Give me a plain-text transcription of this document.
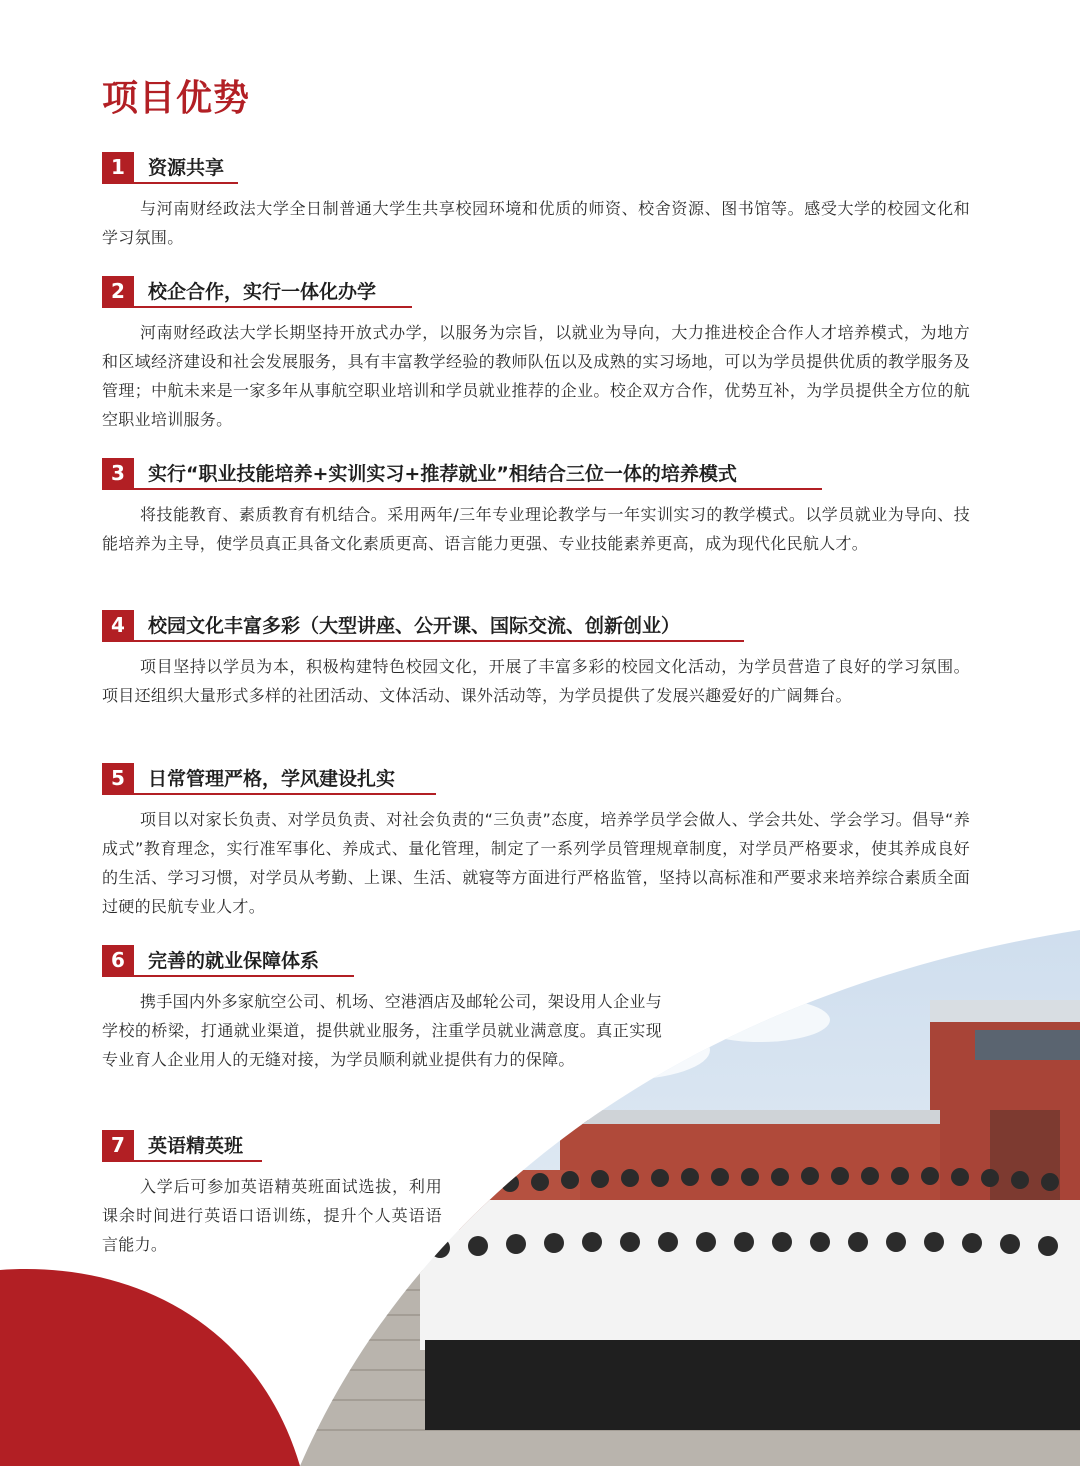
项目优势
1	资源共享
与河南财经政法大学全日制普通大学生共享校园环境和优质的师资、校舍资源、图书馆等。感受大学的校园文化和学习氛围。
2	校企合作，实行一体化办学
河南财经政法大学长期坚持开放式办学，以服务为宗旨，以就业为导向，大力推进校企合作人才培养模式，为地方和区域经济建设和社会发展服务，具有丰富教学经验的教师队伍以及成熟的实习场地，可以为学员提供优质的教学服务及管理；中航未来是一家多年从事航空职业培训和学员就业推荐的企业。校企双方合作，优势互补，为学员提供全方位的航空职业培训服务。
3	实行“职业技能培养+实训实习+推荐就业”相结合三位一体的培养模式
将技能教育、素质教育有机结合。采用两年/三年专业理论教学与一年实训实习的教学模式。以学员就业为导向、技能培养为主导，使学员真正具备文化素质更高、语言能力更强、专业技能素养更高，成为现代化民航人才。
4	校园文化丰富多彩（大型讲座、公开课、国际交流、创新创业）
项目坚持以学员为本，积极构建特色校园文化，开展了丰富多彩的校园文化活动，为学员营造了良好的学习氛围。项目还组织大量形式多样的社团活动、文体活动、课外活动等，为学员提供了发展兴趣爱好的广阔舞台。
5	日常管理严格，学风建设扎实
项目以对家长负责、对学员负责、对社会负责的“三负责”态度，培养学员学会做人、学会共处、学会学习。倡导“养成式”教育理念，实行准军事化、养成式、量化管理，制定了一系列学员管理规章制度，对学员严格要求，使其养成良好的生活、学习习惯，对学员从考勤、上课、生活、就寝等方面进行严格监管，坚持以高标准和严要求来培养综合素质全面过硬的民航专业人才。
6	完善的就业保障体系
携手国内外多家航空公司、机场、空港酒店及邮轮公司，架设用人企业与学校的桥梁，打通就业渠道，提供就业服务，注重学员就业满意度。真正实现专业育人企业用人的无缝对接，为学员顺利就业提供有力的保障。
7	英语精英班
入学后可参加英语精英班面试选拔，利用课余时间进行英语口语训练，提升个人英语语言能力。
